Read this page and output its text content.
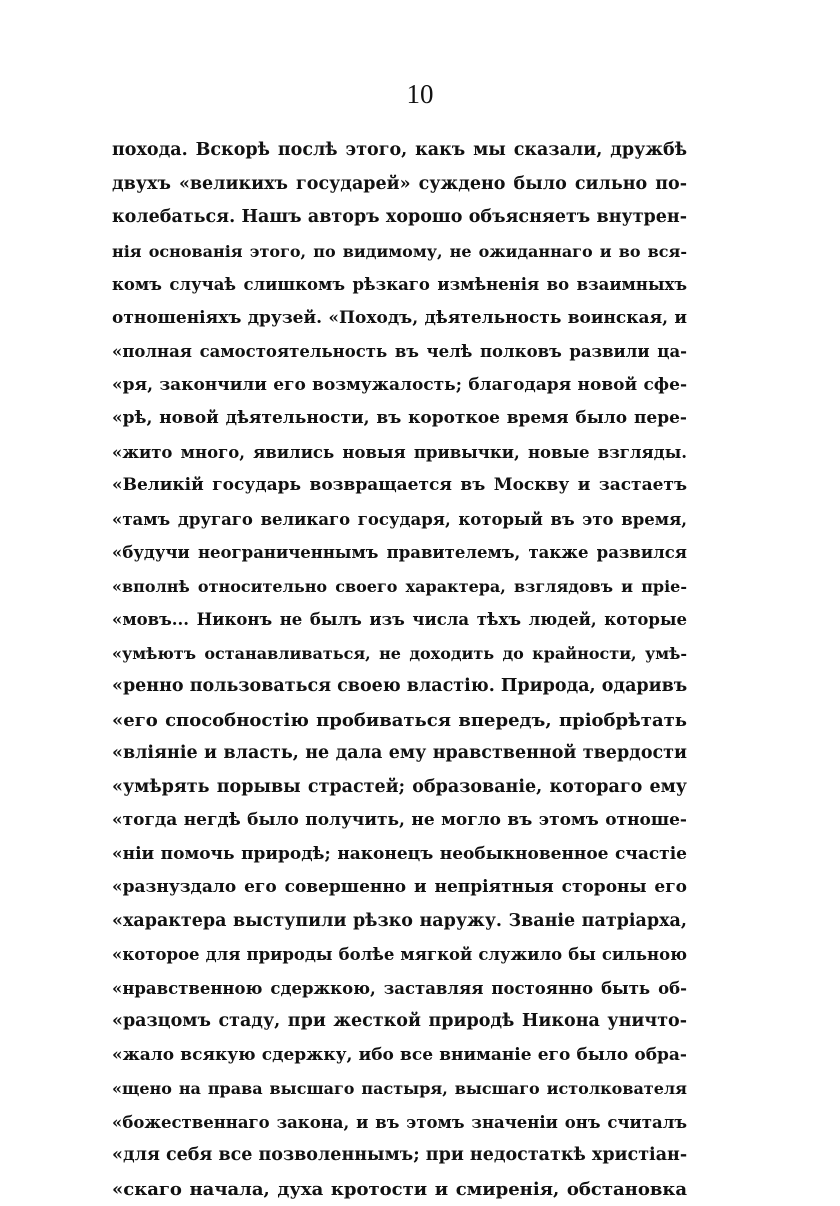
10
похода. Вскорѣ послѣ этого, какъ мы сказали, дружбѣ
двухъ «великихъ государей» суждено было сильно по-
колебаться. Нашъ авторъ хорошо объясняетъ внутрен-
нія основанія этого, по видимому, не ожиданнаго и во вся-
комъ случаѣ слишкомъ рѣзкаго измѣненія во взаимныхъ
отношеніяхъ друзей. «Походъ, дѣятельность воинская, и
«полная самостоятельность въ челѣ полковъ развили ца-
«ря, закончили его возмужалость; благодаря новой сфе-
«рѣ, новой дѣятельности, въ короткое время было пере-
«жито много, явились новыя привычки, новые взгляды.
«Великій государь возвращается въ Москву и застаетъ
«тамъ другаго великаго государя, который въ это время,
«будучи неограниченнымъ правителемъ, также развился
«вполнѣ относительно своего характера, взглядовъ и пріе-
«мовъ... Никонъ не былъ изъ числа тѣхъ людей, которые
«умѣютъ останавливаться, не доходить до крайности, умѣ-
«ренно пользоваться своею властію. Природа, одаривъ
«его способностію пробиваться впередъ, пріобрѣтать
«вліяніе и власть, не дала ему нравственной твердости
«умѣрять порывы страстей; образованіе, котораго ему
«тогда негдѣ было получить, не могло въ этомъ отноше-
«ніи помочь природѣ; наконецъ необыкновенное счастіе
«разнуздало его совершенно и непріятныя стороны его
«характера выступили рѣзко наружу. Званіе патріарха,
«которое для природы болѣе мягкой служило бы сильною
«нравственною сдержкою, заставляя постоянно быть об-
«разцомъ стаду, при жесткой природѣ Никона уничто-
«жало всякую сдержку, ибо все вниманіе его было обра-
«щено на права высшаго пастыря, высшаго истолкователя
«божественнаго закона, и въ этомъ значеніи онъ считалъ
«для себя все позволеннымъ; при недостаткѣ христіан-
«скаго начала, духа кротости и смиренія, обстановка
